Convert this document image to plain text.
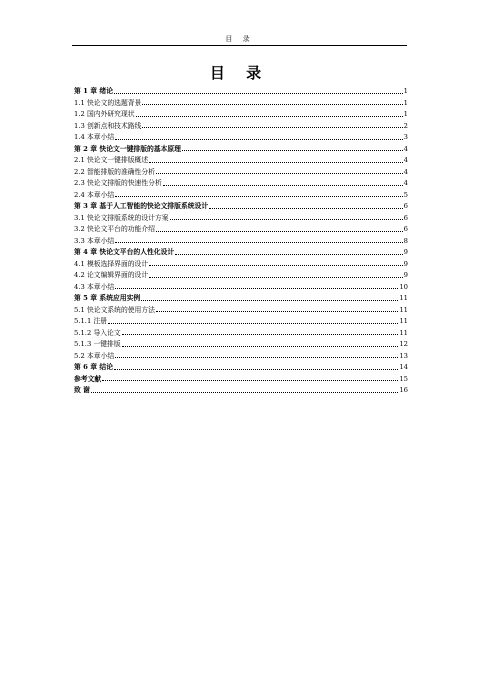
目 录
目 录
第 1 章 绪论	1
1.1 快论文的选题背景	1
1.2 国内外研究现状	1
1.3 创新点和技术路线	2
1.4 本章小结	3
第 2 章 快论文一键排版的基本原理	4
2.1 快论文一键排版概述	4
2.2 智能排版的准确性分析	4
2.3 快论文排版的快速性分析	4
2.4 本章小结	5
第 3 章 基于人工智能的快论文排版系统设计	6
3.1 快论文排版系统的设计方案	6
3.2 快论文平台的功能介绍	6
3.3 本章小结	8
第 4 章 快论文平台的人性化设计	9
4.1 模板选择界面的设计	9
4.2 论文编辑界面的设计	9
4.3 本章小结	10
第 5 章 系统应用实例	11
5.1 快论文系统的使用方法	11
5.1.1 注册	11
5.1.2 导入论文	11
5.1.3 一键排版	12
5.2 本章小结	13
第 6 章 结论	14
参考文献	15
致 谢	16
